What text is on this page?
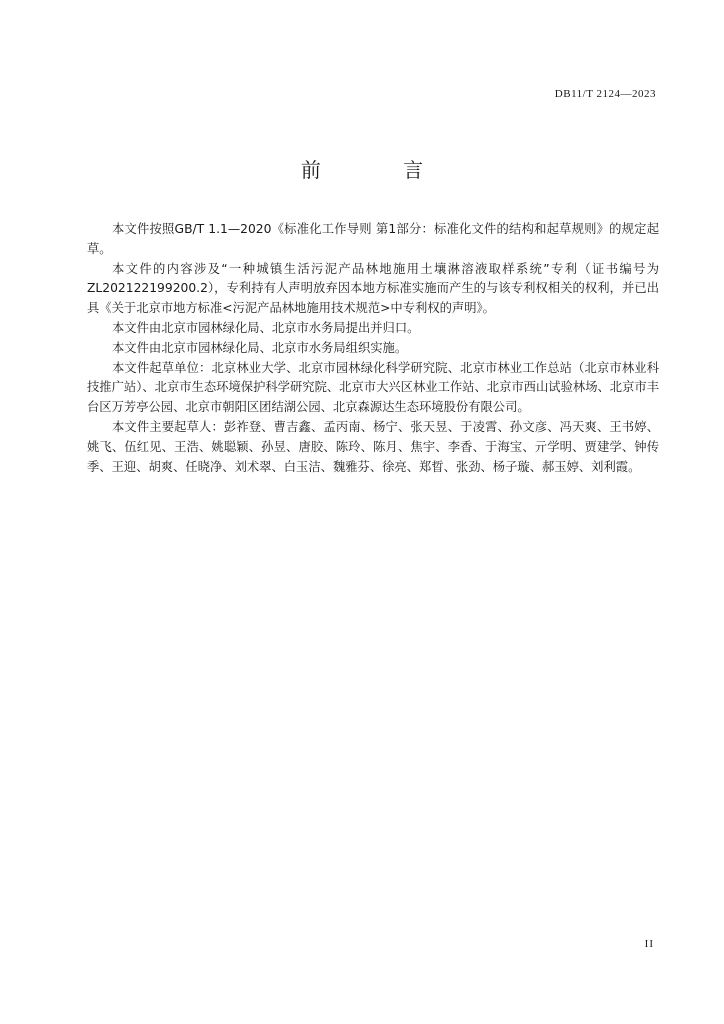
DB11/T 2124—2023
前 言

本文件按照GB/T 1.1—2020《标准化工作导则 第1部分：标准化文件的结构和起草规则》的规定起草。

本文件的内容涉及“一种城镇生活污泥产品林地施用土壤淋溶液取样系统”专利（证书编号为ZL202122199200.2），专利持有人声明放弃因本地方标准实施而产生的与该专利权相关的权利，并已出具《关于北京市地方标准<污泥产品林地施用技术规范>中专利权的声明》。

本文件由北京市园林绿化局、北京市水务局提出并归口。

本文件由北京市园林绿化局、北京市水务局组织实施。

本文件起草单位：北京林业大学、北京市园林绿化科学研究院、北京市林业工作总站（北京市林业科技推广站）、北京市生态环境保护科学研究院、北京市大兴区林业工作站、北京市西山试验林场、北京市丰台区万芳亭公园、北京市朝阳区团结湖公园、北京森源达生态环境股份有限公司。

本文件主要起草人：彭祚登、曹吉鑫、孟丙南、杨宁、张天昱、于凌霄、孙文彦、冯天爽、王书婷、姚飞、伍红见、王浩、姚聪颖、孙昱、唐胶、陈玲、陈月、焦宇、李香、于海宝、亓学明、贾建学、钟传季、王迎、胡爽、任晓净、刘术翠、白玉洁、魏雅芬、徐亮、郑晢、张劲、杨子璇、郝玉婷、刘利霞。

II
